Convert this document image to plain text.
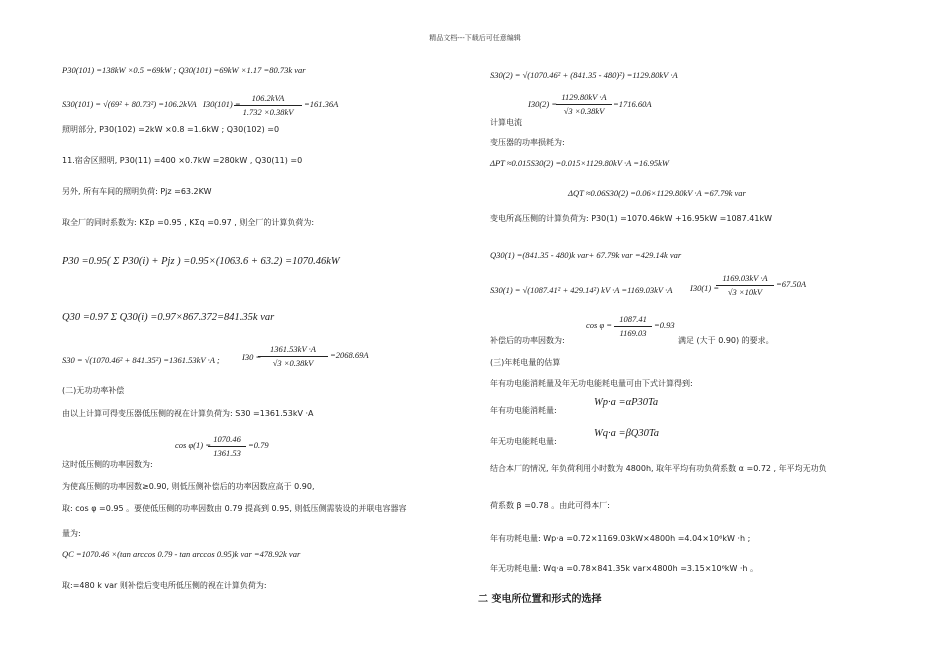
精品文档---下载后可任意编辑
P30(101) =138kW ×0.5 =69kW ; Q30(101) =69kW ×1.17 =80.73k var
S30(101) = √(69² + 80.73²) =106.2kVA I30(101) =
106.2kVA
1.732 ×0.38kV
=161.36A
照明部分, P30(102) =2kW ×0.8 =1.6kW ; Q30(102) =0
11.宿舍区照明, P30(11) =400 ×0.7kW =280kW , Q30(11) =0
另外, 所有车间的照明负荷: Pjz =63.2KW
取全厂的同时系数为: KΣp =0.95 , KΣq =0.97 , 则全厂的计算负荷为:
P30 =0.95( Σ P30(i) + Pjz ) =0.95×(1063.6 + 63.2) =1070.46kW
Q30 =0.97 Σ Q30(i) =0.97×867.372=841.35k var
S30 = √(1070.46² + 841.35²) =1361.53kV ·A ;	I30 =
$\frac{1361.53kV \cdot A}{√3 \times 0.38kV} =2068.69A$
(二)无功功率补偿
由以上计算可得变压器低压侧的视在计算负荷为: S30 =1361.53kV ·A
cos φ(1) =
$\frac{1070.46}{1361.53} =0.79$
这时低压侧的功率因数为:
为使高压侧的功率因数≥0.90, 则低压侧补偿后的功率因数应高于 0.90,
取: cos φ =0.95 。要使低压侧的功率因数由 0.79 提高到 0.95, 则低压侧需装设的并联电容器容
量为:
QC =1070.46 ×(tan arccos 0.79 - tan arccos 0.95)k var =478.92k var
取:=480 k var 则补偿后变电所低压侧的视在计算负荷为:
S30(2) = √(1070.46² + (841.35 - 480)²) =1129.80kV ·A
I30(2) =
$\frac{1129.80kV \cdot A}{√3 \times 0.38kV} =1716.60A$
计算电流
变压器的功率损耗为:
ΔPT ≈0.015S30(2) =0.015×1129.80kV ·A =16.95kW
ΔQT ≈0.06S30(2) =0.06×1129.80kV ·A =67.79k var
变电所高压侧的计算负荷为: P30(1) =1070.46kW +16.95kW =1087.41kW
Q30(1) =(841.35 - 480)k var+ 67.79k var =429.14k var
S30(1) = √(1087.41² + 429.14²) kV ·A =1169.03kV ·A I30(1) =
$\frac{1169.03kV \cdot A}{√3 \times 10kV} =67.50A$
$\cos \varphi = \frac{1087.41}{1169.03} =0.93$
补偿后的功率因数为:	满足 (大于 0.90) 的要求。
(三)年耗电量的估算
年有功电能消耗量及年无功电能耗电量可由下式计算得到:
年有功电能消耗量:
Wp·a =αP30Ta
年无功电能耗电量:
Wq·a =βQ30Ta
结合本厂的情况, 年负荷利用小时数为 4800h, 取年平均有功负荷系数 α =0.72 , 年平均无功负
荷系数 β =0.78 。由此可得本厂:
年有功耗电量: Wp·a =0.72×1169.03kW×4800h =4.04×10⁶kW ·h ;
年无功耗电量: Wq·a =0.78×841.35k var×4800h =3.15×10⁶kW ·h 。
二 变电所位置和形式的选择
